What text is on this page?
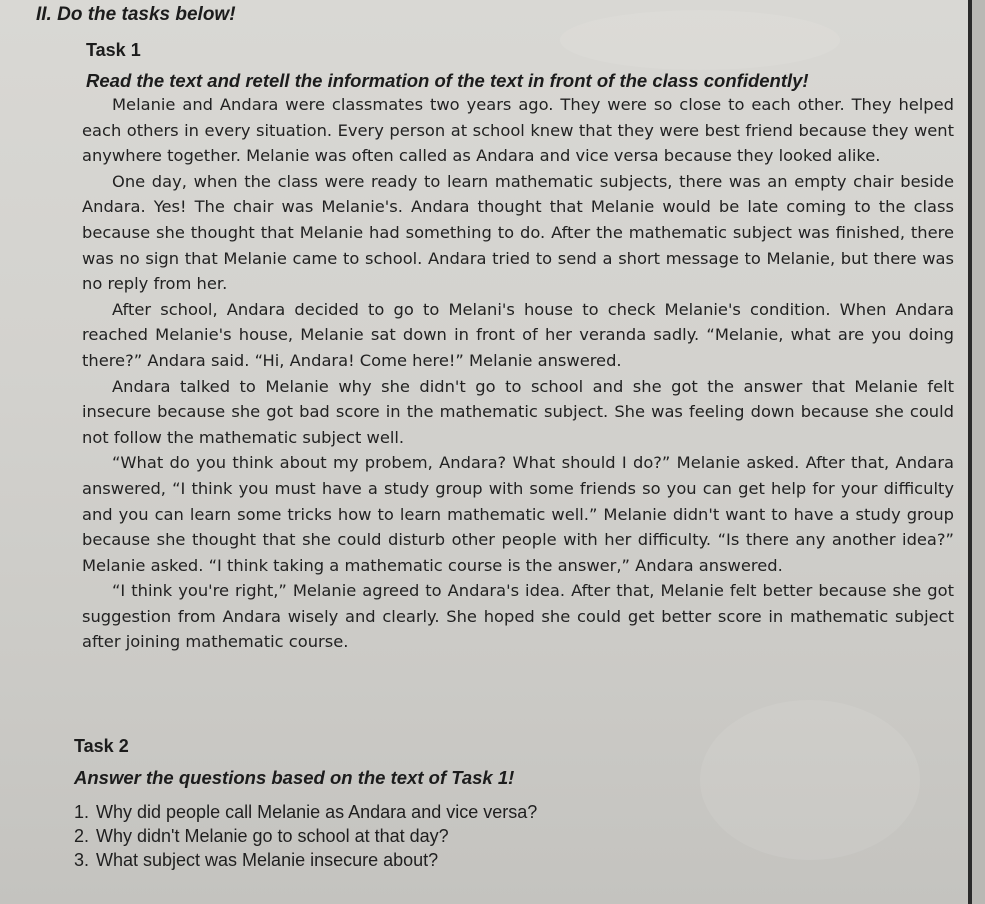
II. Do the tasks below!
Task 1

Read the text and retell the information of the text in front of the class confidently!

Melanie and Andara were classmates two years ago. They were so close to each other. They helped each others in every situation. Every person at school knew that they were best friend because they went anywhere together. Melanie was often called as Andara and vice versa because they looked alike.

One day, when the class were ready to learn mathematic subjects, there was an empty chair beside Andara. Yes! The chair was Melanie's. Andara thought that Melanie would be late coming to the class because she thought that Melanie had something to do. After the mathematic subject was finished, there was no sign that Melanie came to school. Andara tried to send a short message to Melanie, but there was no reply from her.

After school, Andara decided to go to Melani's house to check Melanie's condition. When Andara reached Melanie's house, Melanie sat down in front of her veranda sadly. “Melanie, what are you doing there?” Andara said. “Hi, Andara! Come here!” Melanie answered.

Andara talked to Melanie why she didn't go to school and she got the answer that Melanie felt insecure because she got bad score in the mathematic subject. She was feeling down because she could not follow the mathematic subject well.

“What do you think about my probem, Andara? What should I do?” Melanie asked. After that, Andara answered, “I think you must have a study group with some friends so you can get help for your difficulty and you can learn some tricks how to learn mathematic well.” Melanie didn't want to have a study group because she thought that she could disturb other people with her difficulty. “Is there any another idea?” Melanie asked. “I think taking a mathematic course is the answer,” Andara answered.

“I think you're right,” Melanie agreed to Andara's idea. After that, Melanie felt better because she got suggestion from Andara wisely and clearly. She hoped she could get better score in mathematic subject after joining mathematic course.

Task 2

Answer the questions based on the text of Task 1!

1. Why did people call Melanie as Andara and vice versa?
2. Why didn't Melanie go to school at that day?
3. What subject was Melanie insecure about?
